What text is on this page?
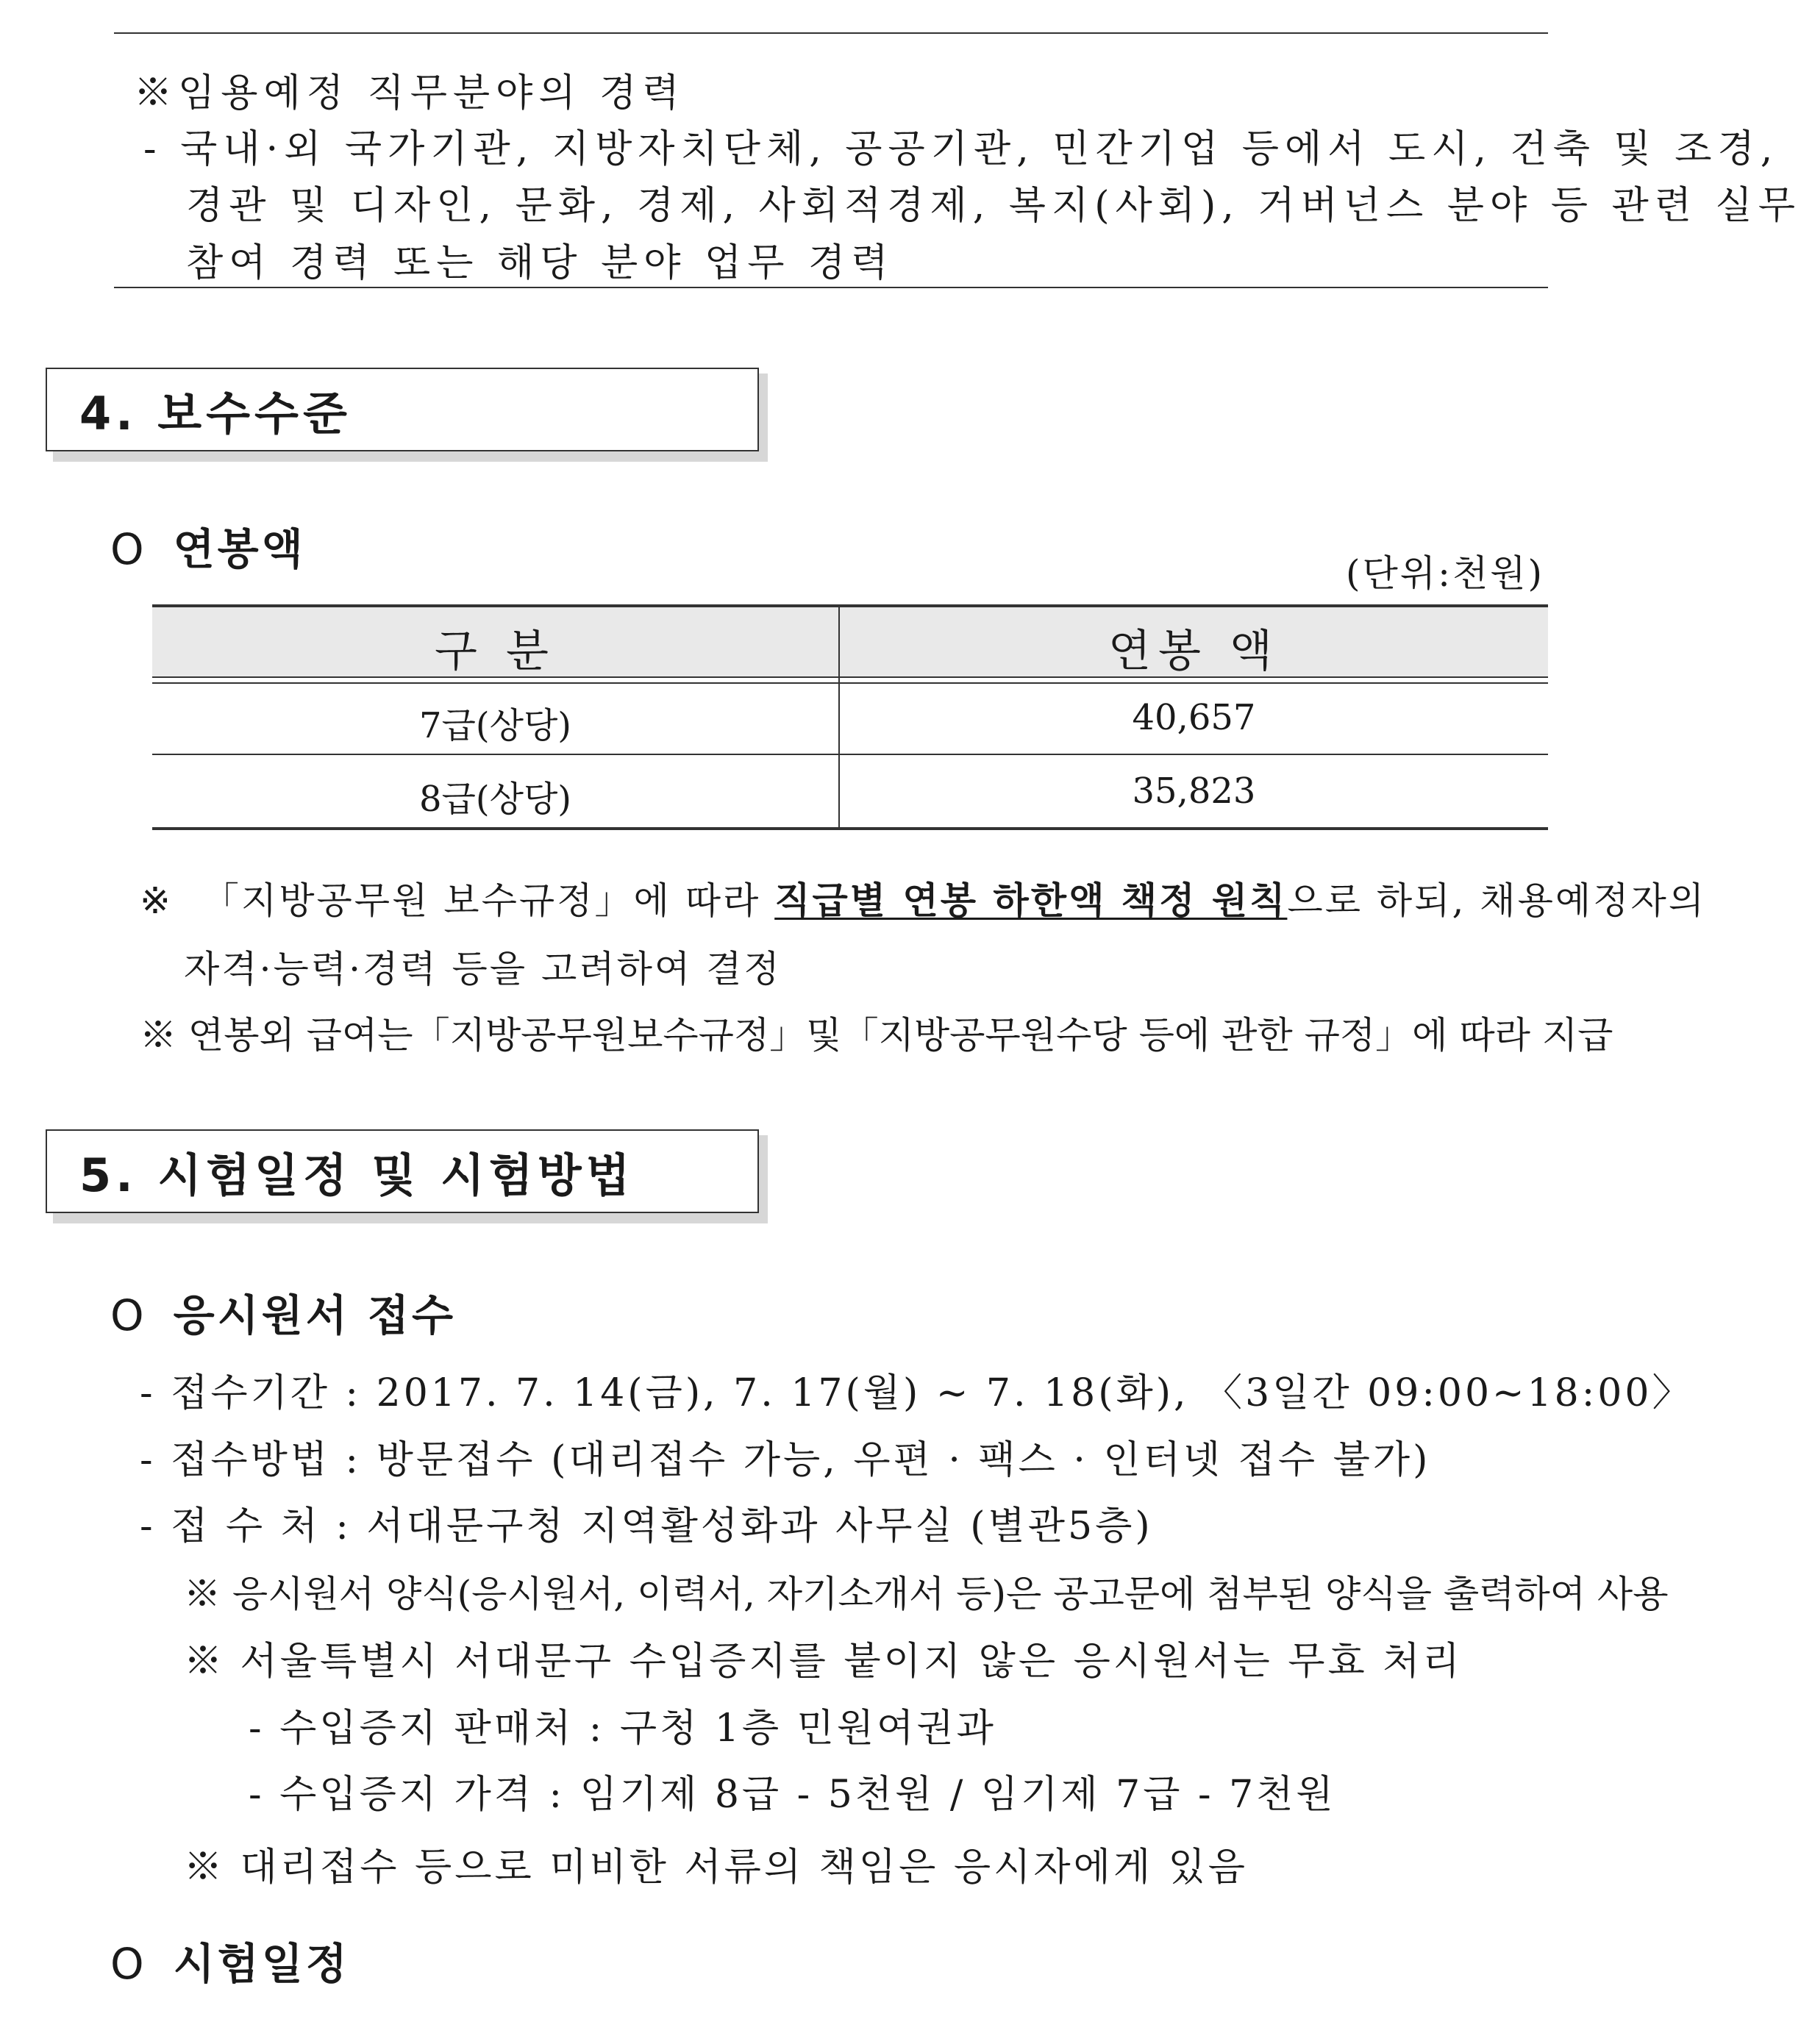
※임용예정 직무분야의 경력
- 국내·외 국가기관, 지방자치단체, 공공기관, 민간기업 등에서 도시, 건축 및 조경,
경관 및 디자인, 문화, 경제, 사회적경제, 복지(사회), 거버넌스 분야 등 관련 실무
참여 경력 또는 해당 분야 업무 경력
4. 보수수준
O 연봉액	(단위:천원)
구 분	연봉 액
7급(상당)	40,657
8급(상당)	35,823
※ 「지방공무원 보수규정」에 따라 직급별 연봉 하한액 책정 원칙으로 하되, 채용예정자의
자격·능력·경력 등을 고려하여 결정
※ 연봉외 급여는「지방공무원보수규정」및「지방공무원수당 등에 관한 규정」에 따라 지급
5. 시험일정 및 시험방법
O 응시원서 접수
- 접수기간 : 2017. 7. 14(금), 7. 17(월) ~ 7. 18(화), 〈3일간 09:00~18:00〉
- 접수방법 : 방문접수 (대리접수 가능, 우편 · 팩스 · 인터넷 접수 불가)
- 접 수 처 : 서대문구청 지역활성화과 사무실 (별관5층)
※ 응시원서 양식(응시원서, 이력서, 자기소개서 등)은 공고문에 첨부된 양식을 출력하여 사용
※ 서울특별시 서대문구 수입증지를 붙이지 않은 응시원서는 무효 처리
- 수입증지 판매처 : 구청 1층 민원여권과
- 수입증지 가격 : 임기제 8급 - 5천원 / 임기제 7급 - 7천원
※ 대리접수 등으로 미비한 서류의 책임은 응시자에게 있음
O 시험일정
